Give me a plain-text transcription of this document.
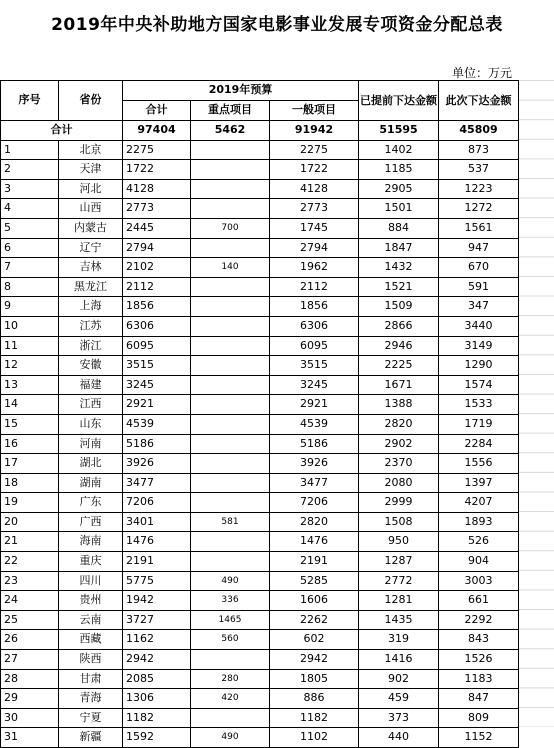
2019年中央补助地方国家电影事业发展专项资金分配总表
单位：万元
序号	省份	2019年预算			已提前下达金额	此次下达金额
		合计	重点项目	一般项目		
合计		97404	5462	91942	51595	45809
1	北京	2275		2275	1402	873
2	天津	1722		1722	1185	537
3	河北	4128		4128	2905	1223
4	山西	2773		2773	1501	1272
5	内蒙古	2445	700	1745	884	1561
6	辽宁	2794		2794	1847	947
7	吉林	2102	140	1962	1432	670
8	黑龙江	2112		2112	1521	591
9	上海	1856		1856	1509	347
10	江苏	6306		6306	2866	3440
11	浙江	6095		6095	2946	3149
12	安徽	3515		3515	2225	1290
13	福建	3245		3245	1671	1574
14	江西	2921		2921	1388	1533
15	山东	4539		4539	2820	1719
16	河南	5186		5186	2902	2284
17	湖北	3926		3926	2370	1556
18	湖南	3477		3477	2080	1397
19	广东	7206		7206	2999	4207
20	广西	3401	581	2820	1508	1893
21	海南	1476		1476	950	526
22	重庆	2191		2191	1287	904
23	四川	5775	490	5285	2772	3003
24	贵州	1942	336	1606	1281	661
25	云南	3727	1465	2262	1435	2292
26	西藏	1162	560	602	319	843
27	陕西	2942		2942	1416	1526
28	甘肃	2085	280	1805	902	1183
29	青海	1306	420	886	459	847
30	宁夏	1182		1182	373	809
31	新疆	1592	490	1102	440	1152
